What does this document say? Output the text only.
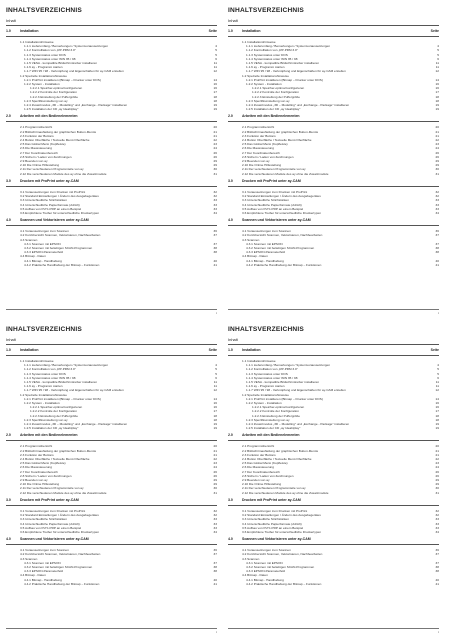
INHALTSVERZEICHNIS
Inhalt
1.0	Installation	Seite
1.1 Installationshinweise
1.1.1 Lieferumfang / Bemerkungen / Systemvoraussetzungen	4
1.1.2 Kontrolllation von „RP-PRM 3.0"	5
1.1.3 Systemstatus unter DOS	5
1.1.4 Systemstatus unter WIN 95 / 98	6
1.1.5 VESA - kompatible Bildschirmtreiber installieren	11
1.1.6 ay - Programm starten	11
1.1.7 WIN 95 / 98 - Verknüpfung und Eigenschaften für ay-CAM erstellen	12
1.2 Spezielle Installationshinweise
1.2.1 ProPrint installieren (Bitmap – Drucker unter DOS)	14
1.2.2 System - Installation	16
1.2.2.1 Speicher-optimal konfigurieren	16
1.2.2.2 Kontrolle der Konfiguration	17
1.2.2.3 Einstellung der Puffergröße	18
1.2.3 Spezifikumstellung von ay	18
1.2.4 Zusatzmodus „3D – Modelling" und „Exchange - Package" installieren	19
1.2.5 Installation der CD „ay Ideabiplay"	19
2.0	Arbeiten mit den Bedienelementen
2.1 Programmübersicht	20
2.2 Bildschirmaufteilung der graphischen Button-Menüs	21
2.3 Funktion der Buttons	21
2.4 Button Oberfläche / Textuelle Menü Oberfläche	22
2.5 Das Global Menü (Kopfleiste)	23
2.6 Die Maussteuerung	24
2.7 Der Koordinatenbereich	26
2.8 Sichern / Laden von Zeichnungen	26
2.9 Beenden von ay	29
2.10 Die Online Hilfestellung	29
2.11 Der verschiedenen Programmteile von ay	30
2.12 Die verschiedenen Module des ay ohne die Zusatzmodule	31
3.0	Drucken mit ProPrint unter ay-CAM
3.1 Voraussetzungen zum Drucken mit ProPrint	32
3.2 Standard Einstellungen / Ändern des Ausgabegerätes	32
3.3 Unterschiedliche Strichstärken	33
3.4 Unterschiedliche Papierformate (A4/A3)	33
3.5 Aufbau von PLT1.PRP an einem Beispiel	33
3.6 Empfohlene Treiber für unterschiedliche Druckertypen	34
4.0	Scannen und Vektorisieren unter ay-CAM
4.1 Voraussetzungen zum Scannen	36
4.2 Kurzübersicht Scannen, Vektorisieren, Nachbearbeiten	37
4.3 Scannen
4.3.1 Scannen mit EPSON	37
4.3.2 Scannen mit beliebigen SCAN-Programmen	38
4.3.3 EPSON-Parameterfeld	38
4.4 Bitmap - Daten
4.4.1 Bitmap - Handhabung	40
4.4.2 Praktische Handhabung der Bitmap – Funktionen	41
i
INHALTSVERZEICHNIS
Inhalt
1.0	Installation	Seite
1.1 Installationshinweise
1.1.1 Lieferumfang / Bemerkungen / Systemvoraussetzungen	4
1.1.2 Kontrolllation von „RP-PRM 3.0"	5
1.1.3 Systemstatus unter DOS	5
1.1.4 Systemstatus unter WIN 95 / 98	6
1.1.5 VESA - kompatible Bildschirmtreiber installieren	11
1.1.6 ay - Programm starten	11
1.1.7 WIN 95 / 98 - Verknüpfung und Eigenschaften für ay-CAM erstellen	12
1.2 Spezielle Installationshinweise
1.2.1 ProPrint installieren (Bitmap – Drucker unter DOS)	14
1.2.2 System - Installation	16
1.2.2.1 Speicher-optimal konfigurieren	16
1.2.2.2 Kontrolle der Konfiguration	17
1.2.2.3 Einstellung der Puffergröße	18
1.2.3 Spezifikumstellung von ay	18
1.2.4 Zusatzmodus „3D – Modelling" und „Exchange - Package" installieren	19
1.2.5 Installation der CD „ay Ideabiplay"	19
2.0	Arbeiten mit den Bedienelementen
2.1 Programmübersicht	20
2.2 Bildschirmaufteilung der graphischen Button-Menüs	21
2.3 Funktion der Buttons	21
2.4 Button Oberfläche / Textuelle Menü Oberfläche	22
2.5 Das Global Menü (Kopfleiste)	23
2.6 Die Maussteuerung	24
2.7 Der Koordinatenbereich	26
2.8 Sichern / Laden von Zeichnungen	26
2.9 Beenden von ay	29
2.10 Die Online Hilfestellung	29
2.11 Der verschiedenen Programmteile von ay	30
2.12 Die verschiedenen Module des ay ohne die Zusatzmodule	31
3.0	Drucken mit ProPrint unter ay-CAM
3.1 Voraussetzungen zum Drucken mit ProPrint	32
3.2 Standard Einstellungen / Ändern des Ausgabegerätes	32
3.3 Unterschiedliche Strichstärken	33
3.4 Unterschiedliche Papierformate (A4/A3)	33
3.5 Aufbau von PLT1.PRP an einem Beispiel	33
3.6 Empfohlene Treiber für unterschiedliche Druckertypen	34
4.0	Scannen und Vektorisieren unter ay-CAM
4.1 Voraussetzungen zum Scannen	36
4.2 Kurzübersicht Scannen, Vektorisieren, Nachbearbeiten	37
4.3 Scannen
4.3.1 Scannen mit EPSON	37
4.3.2 Scannen mit beliebigen SCAN-Programmen	38
4.3.3 EPSON-Parameterfeld	38
4.4 Bitmap - Daten
4.4.1 Bitmap - Handhabung	40
4.4.2 Praktische Handhabung der Bitmap – Funktionen	41
i
INHALTSVERZEICHNIS
Inhalt
1.0	Installation	Seite
1.1 Installationshinweise
1.1.1 Lieferumfang / Bemerkungen / Systemvoraussetzungen	4
1.1.2 Kontrolllation von „RP-PRM 3.0"	5
1.1.3 Systemstatus unter DOS	5
1.1.4 Systemstatus unter WIN 95 / 98	6
1.1.5 VESA - kompatible Bildschirmtreiber installieren	11
1.1.6 ay - Programm starten	11
1.1.7 WIN 95 / 98 - Verknüpfung und Eigenschaften für ay-CAM erstellen	12
1.2 Spezielle Installationshinweise
1.2.1 ProPrint installieren (Bitmap – Drucker unter DOS)	14
1.2.2 System - Installation	16
1.2.2.1 Speicher-optimal konfigurieren	16
1.2.2.2 Kontrolle der Konfiguration	17
1.2.2.3 Einstellung der Puffergröße	18
1.2.3 Spezifikumstellung von ay	18
1.2.4 Zusatzmodus „3D – Modelling" und „Exchange - Package" installieren	19
1.2.5 Installation der CD „ay Ideabiplay"	19
2.0	Arbeiten mit den Bedienelementen
2.1 Programmübersicht	20
2.2 Bildschirmaufteilung der graphischen Button-Menüs	21
2.3 Funktion der Buttons	21
2.4 Button Oberfläche / Textuelle Menü Oberfläche	22
2.5 Das Global Menü (Kopfleiste)	23
2.6 Die Maussteuerung	24
2.7 Der Koordinatenbereich	26
2.8 Sichern / Laden von Zeichnungen	26
2.9 Beenden von ay	29
2.10 Die Online Hilfestellung	29
2.11 Der verschiedenen Programmteile von ay	30
2.12 Die verschiedenen Module des ay ohne die Zusatzmodule	31
3.0	Drucken mit ProPrint unter ay-CAM
3.1 Voraussetzungen zum Drucken mit ProPrint	32
3.2 Standard Einstellungen / Ändern des Ausgabegerätes	32
3.3 Unterschiedliche Strichstärken	33
3.4 Unterschiedliche Papierformate (A4/A3)	33
3.5 Aufbau von PLT1.PRP an einem Beispiel	33
3.6 Empfohlene Treiber für unterschiedliche Druckertypen	34
4.0	Scannen und Vektorisieren unter ay-CAM
4.1 Voraussetzungen zum Scannen	36
4.2 Kurzübersicht Scannen, Vektorisieren, Nachbearbeiten	37
4.3 Scannen
4.3.1 Scannen mit EPSON	37
4.3.2 Scannen mit beliebigen SCAN-Programmen	38
4.3.3 EPSON-Parameterfeld	38
4.4 Bitmap - Daten
4.4.1 Bitmap - Handhabung	40
4.4.2 Praktische Handhabung der Bitmap – Funktionen	41
i
INHALTSVERZEICHNIS
Inhalt
1.0	Installation	Seite
1.1 Installationshinweise
1.1.1 Lieferumfang / Bemerkungen / Systemvoraussetzungen	4
1.1.2 Kontrolllation von „RP-PRM 3.0"	5
1.1.3 Systemstatus unter DOS	5
1.1.4 Systemstatus unter WIN 95 / 98	6
1.1.5 VESA - kompatible Bildschirmtreiber installieren	11
1.1.6 ay - Programm starten	11
1.1.7 WIN 95 / 98 - Verknüpfung und Eigenschaften für ay-CAM erstellen	12
1.2 Spezielle Installationshinweise
1.2.1 ProPrint installieren (Bitmap – Drucker unter DOS)	14
1.2.2 System - Installation	16
1.2.2.1 Speicher-optimal konfigurieren	16
1.2.2.2 Kontrolle der Konfiguration	17
1.2.2.3 Einstellung der Puffergröße	18
1.2.3 Spezifikumstellung von ay	18
1.2.4 Zusatzmodus „3D – Modelling" und „Exchange - Package" installieren	19
1.2.5 Installation der CD „ay Ideabiplay"	19
2.0	Arbeiten mit den Bedienelementen
2.1 Programmübersicht	20
2.2 Bildschirmaufteilung der graphischen Button-Menüs	21
2.3 Funktion der Buttons	21
2.4 Button Oberfläche / Textuelle Menü Oberfläche	22
2.5 Das Global Menü (Kopfleiste)	23
2.6 Die Maussteuerung	24
2.7 Der Koordinatenbereich	26
2.8 Sichern / Laden von Zeichnungen	26
2.9 Beenden von ay	29
2.10 Die Online Hilfestellung	29
2.11 Der verschiedenen Programmteile von ay	30
2.12 Die verschiedenen Module des ay ohne die Zusatzmodule	31
3.0	Drucken mit ProPrint unter ay-CAM
3.1 Voraussetzungen zum Drucken mit ProPrint	32
3.2 Standard Einstellungen / Ändern des Ausgabegerätes	32
3.3 Unterschiedliche Strichstärken	33
3.4 Unterschiedliche Papierformate (A4/A3)	33
3.5 Aufbau von PLT1.PRP an einem Beispiel	33
3.6 Empfohlene Treiber für unterschiedliche Druckertypen	34
4.0	Scannen und Vektorisieren unter ay-CAM
4.1 Voraussetzungen zum Scannen	36
4.2 Kurzübersicht Scannen, Vektorisieren, Nachbearbeiten	37
4.3 Scannen
4.3.1 Scannen mit EPSON	37
4.3.2 Scannen mit beliebigen SCAN-Programmen	38
4.3.3 EPSON-Parameterfeld	38
4.4 Bitmap - Daten
4.4.1 Bitmap - Handhabung	40
4.4.2 Praktische Handhabung der Bitmap – Funktionen	41
i
